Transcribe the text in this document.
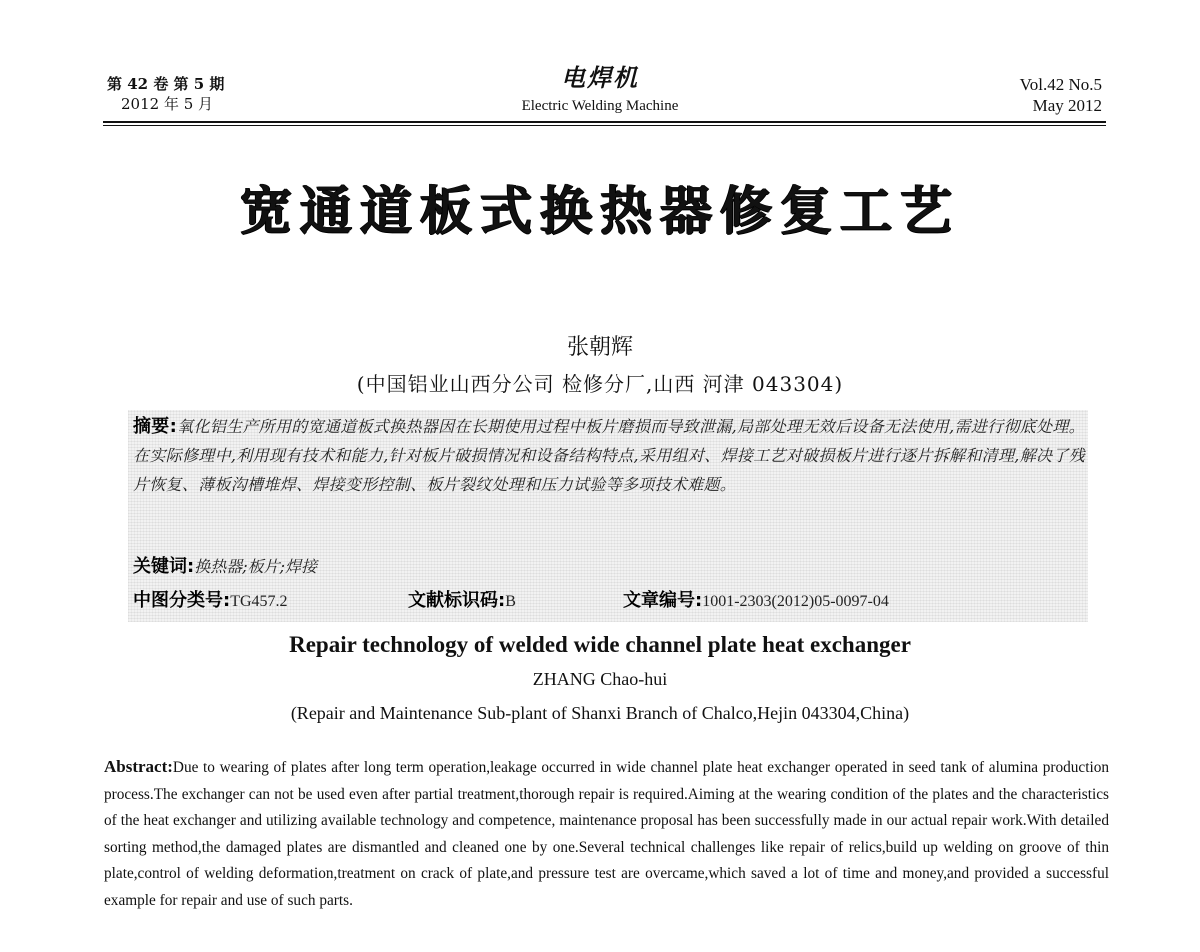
第 42 卷 第 5 期
2012 年 5 月
电焊机
Electric Welding Machine
Vol.42 No.5
May 2012
宽通道板式换热器修复工艺
张朝辉
(中国铝业山西分公司 检修分厂,山西 河津 043304)
摘要:氧化铝生产所用的宽通道板式换热器因在长期使用过程中板片磨损而导致泄漏,局部处理无效后设备无法使用,需进行彻底处理。在实际修理中,利用现有技术和能力,针对板片破损情况和设备结构特点,采用组对、焊接工艺对破损板片进行逐片拆解和清理,解决了残片恢复、薄板沟槽堆焊、焊接变形控制、板片裂纹处理和压力试验等多项技术难题。
关键词:换热器;板片;焊接
中图分类号:TG457.2	文献标识码:B	文章编号:1001-2303(2012)05-0097-04
Repair technology of welded wide channel plate heat exchanger
ZHANG Chao-hui
(Repair and Maintenance Sub-plant of Shanxi Branch of Chalco,Hejin 043304,China)
Abstract:Due to wearing of plates after long term operation,leakage occurred in wide channel plate heat exchanger operated in seed tank of alumina production process.The exchanger can not be used even after partial treatment,thorough repair is required.Aiming at the wearing condition of the plates and the characteristics of the heat exchanger and utilizing available technology and competence, maintenance proposal has been successfully made in our actual repair work.With detailed sorting method,the damaged plates are dismantled and cleaned one by one.Several technical challenges like repair of relics,build up welding on groove of thin plate,control of welding deformation,treatment on crack of plate,and pressure test are overcame,which saved a lot of time and money,and provided a successful example for repair and use of such parts.
